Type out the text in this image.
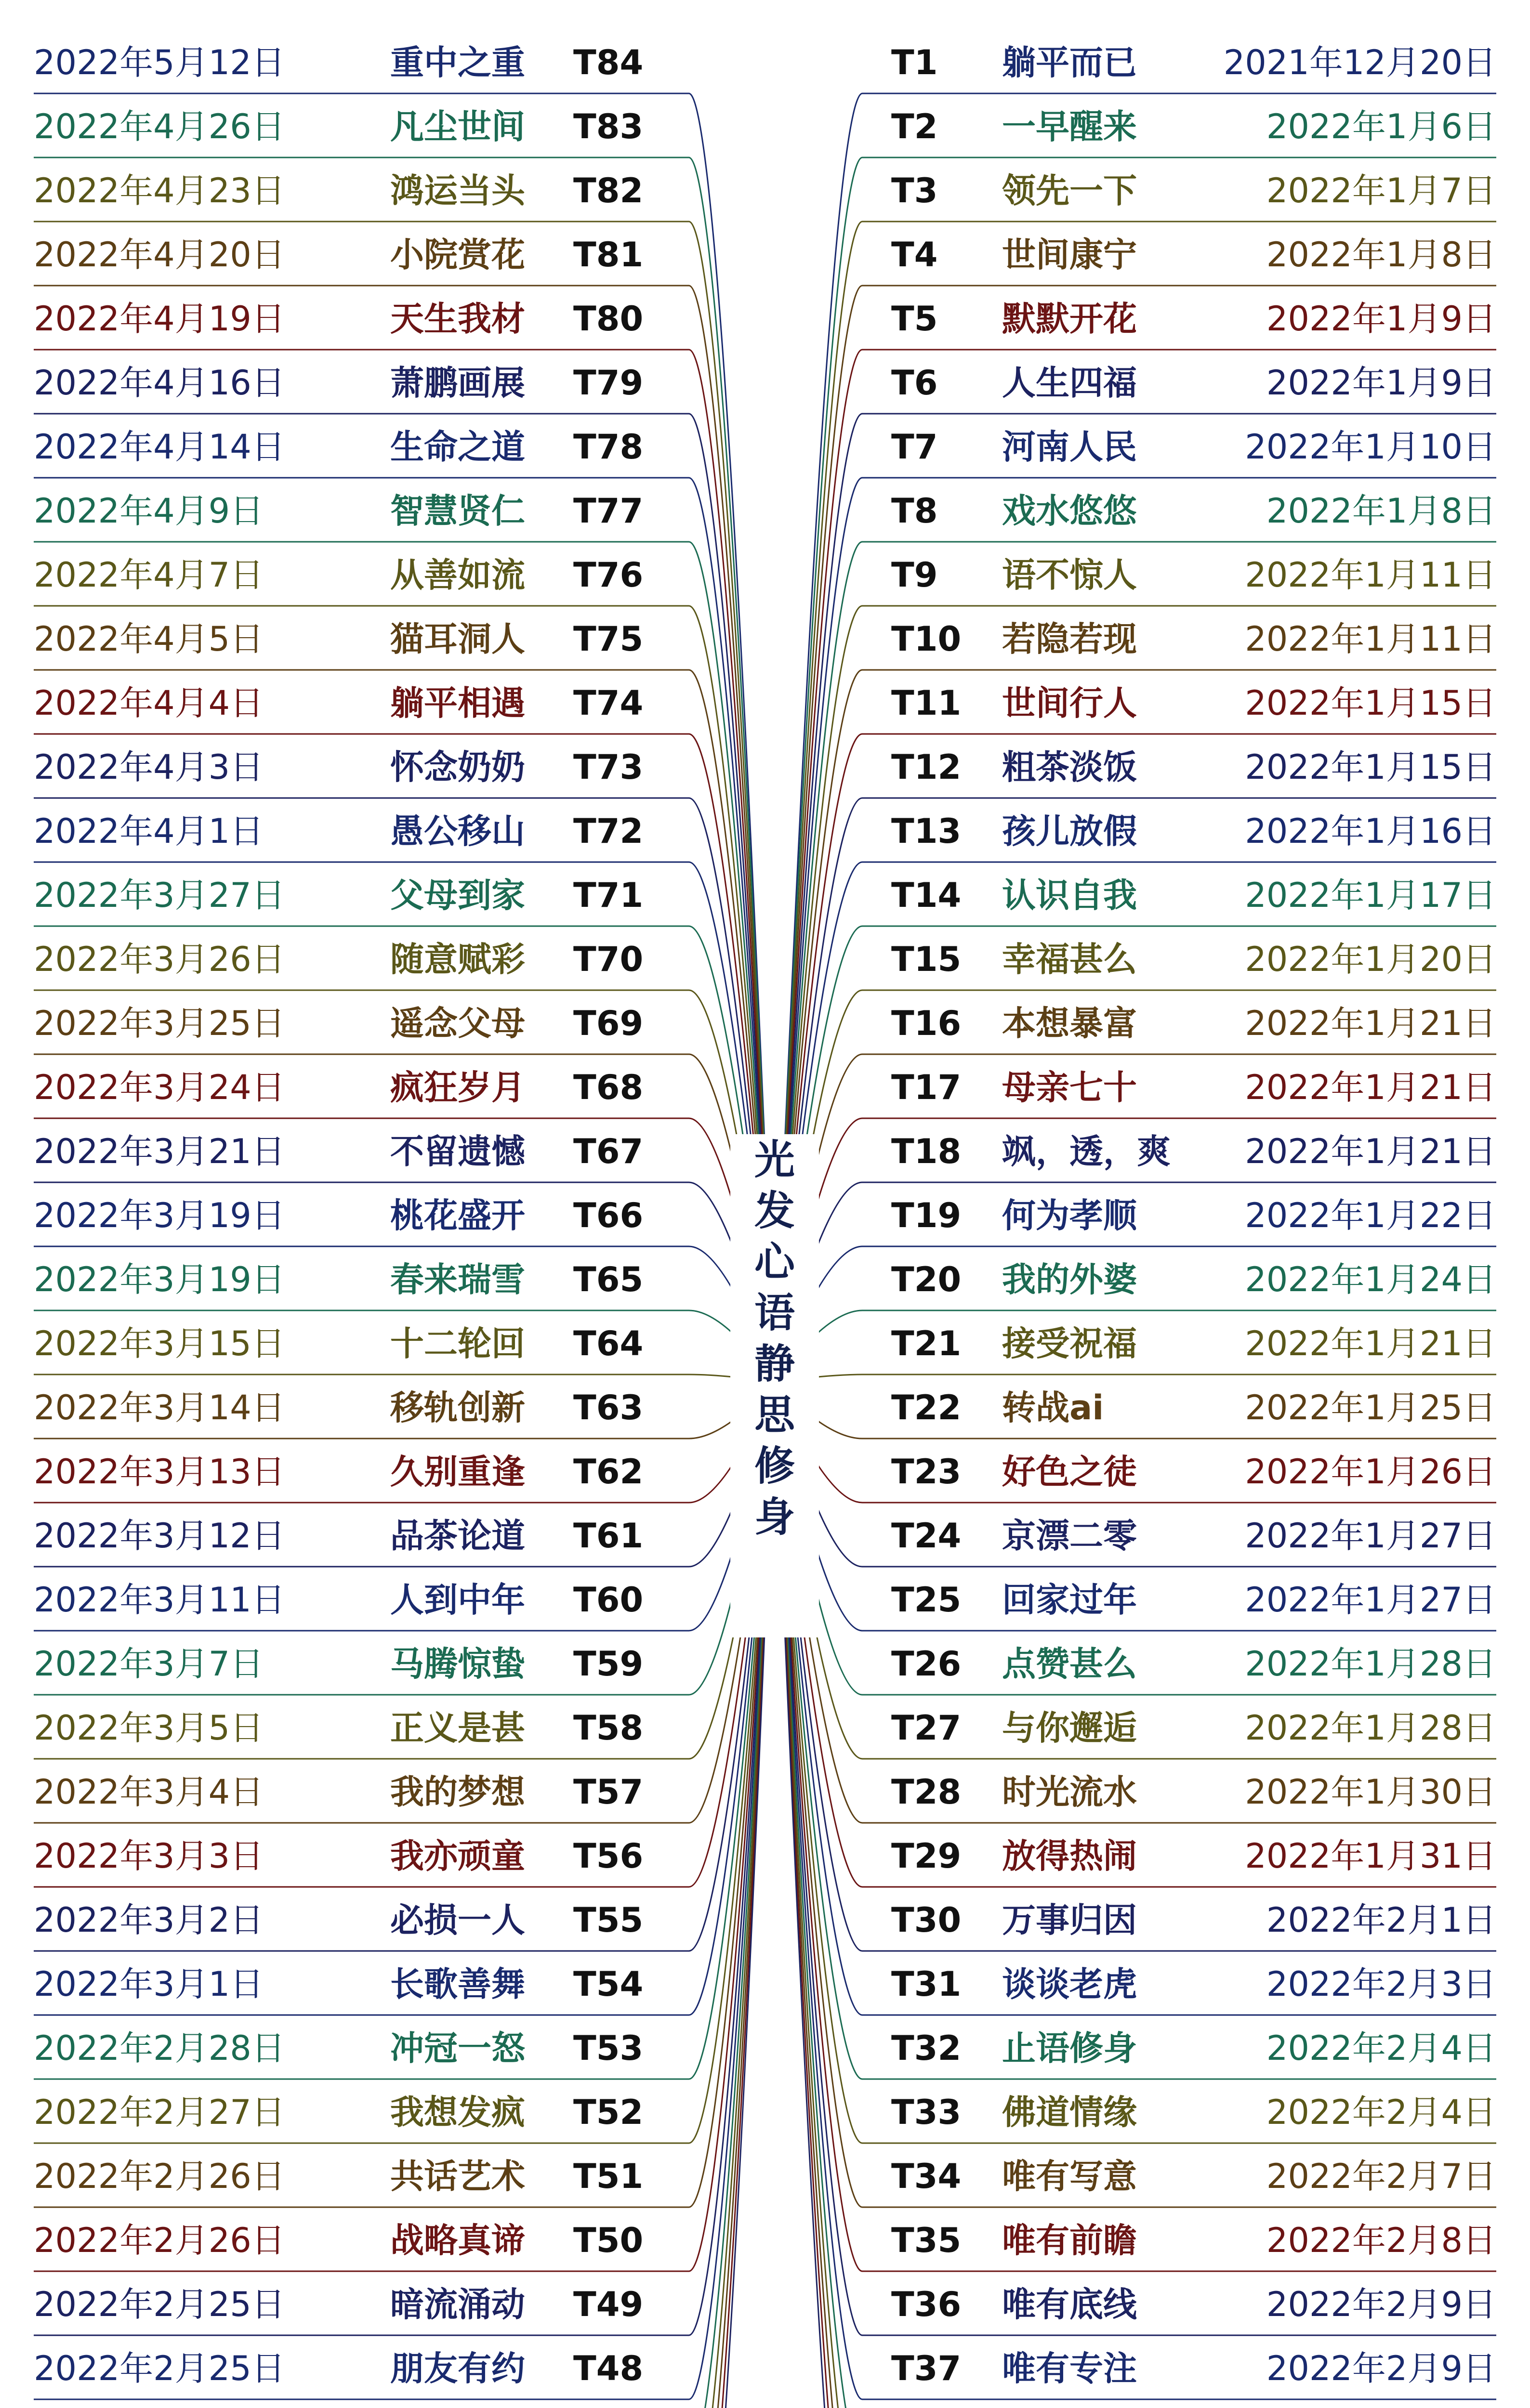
2022年5月12日	重中之重	T84
2022年4月26日	凡尘世间	T83
2022年4月23日	鸿运当头	T82
2022年4月20日	小院赏花	T81
2022年4月19日	天生我材	T80
2022年4月16日	萧鹏画展	T79
2022年4月14日	生命之道	T78
2022年4月9日	智慧贤仁	T77
2022年4月7日	从善如流	T76
2022年4月5日	猫耳洞人	T75
2022年4月4日	躺平相遇	T74
2022年4月3日	怀念奶奶	T73
2022年4月1日	愚公移山	T72
2022年3月27日	父母到家	T71
2022年3月26日	随意赋彩	T70
2022年3月25日	遥念父母	T69
2022年3月24日	疯狂岁月	T68
2022年3月21日	不留遗憾	T67
2022年3月19日	桃花盛开	T66
2022年3月19日	春来瑞雪	T65
2022年3月15日	十二轮回	T64
2022年3月14日	移轨创新	T63
2022年3月13日	久别重逢	T62
2022年3月12日	品茶论道	T61
2022年3月11日	人到中年	T60
2022年3月7日	马腾惊蛰	T59
2022年3月5日	正义是甚	T58
2022年3月4日	我的梦想	T57
2022年3月3日	我亦顽童	T56
2022年3月2日	必损一人	T55
2022年3月1日	长歌善舞	T54
2022年2月28日	冲冠一怒	T53
2022年2月27日	我想发疯	T52
2022年2月26日	共话艺术	T51
2022年2月26日	战略真谛	T50
2022年2月25日	暗流涌动	T49
2022年2月25日	朋友有约	T48
T1	躺平而已	2021年12月20日
T2	一早醒来	2022年1月6日
T3	领先一下	2022年1月7日
T4	世间康宁	2022年1月8日
T5	默默开花	2022年1月9日
T6	人生四福	2022年1月9日
T7	河南人民	2022年1月10日
T8	戏水悠悠	2022年1月8日
T9	语不惊人	2022年1月11日
T10	若隐若现	2022年1月11日
T11	世间行人	2022年1月15日
T12	粗茶淡饭	2022年1月15日
T13	孩儿放假	2022年1月16日
T14	认识自我	2022年1月17日
T15	幸福甚么	2022年1月20日
T16	本想暴富	2022年1月21日
T17	母亲七十	2022年1月21日
T18	飒，透，爽	2022年1月21日
T19	何为孝顺	2022年1月22日
T20	我的外婆	2022年1月24日
T21	接受祝福	2022年1月21日
T22	转战ai	2022年1月25日
T23	好色之徒	2022年1月26日
T24	京漂二零	2022年1月27日
T25	回家过年	2022年1月27日
T26	点赞甚么	2022年1月28日
T27	与你邂逅	2022年1月28日
T28	时光流水	2022年1月30日
T29	放得热闹	2022年1月31日
T30	万事归因	2022年2月1日
T31	谈谈老虎	2022年2月3日
T32	止语修身	2022年2月4日
T33	佛道情缘	2022年2月4日
T34	唯有写意	2022年2月7日
T35	唯有前瞻	2022年2月8日
T36	唯有底线	2022年2月9日
T37	唯有专注	2022年2月9日
光
发
心
语
静
思
修
身
